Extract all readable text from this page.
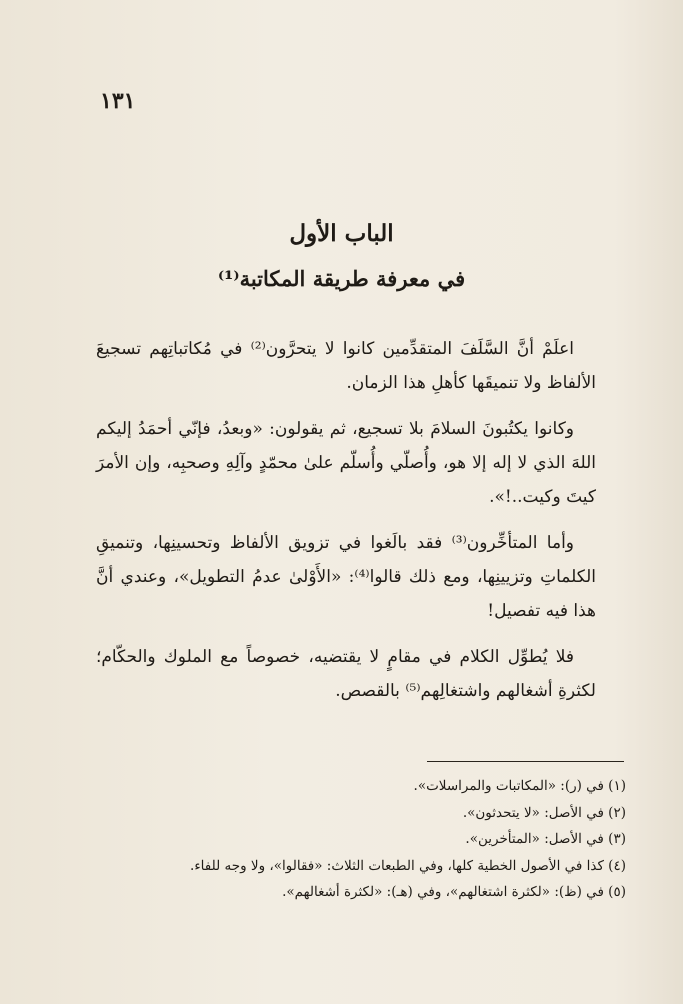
١٣١
الباب الأول
في معرفة طريقة المكاتبة⁽¹⁾

اعلَمْ أنَّ السَّلَفَ المتقدِّمين كانوا لا يتحرَّون⁽²⁾ في مُكاتباتِهم تسجيعَ الألفاظ ولا تنميقَها كأهلِ هذا الزمان.

وكانوا يكتُبونَ السلامَ بلا تسجيع، ثم يقولون: «وبعدُ، فإنّي أحمَدُ إليكم اللهَ الذي لا إله إلا هو، وأُصلّي وأُسلّم علىٰ محمّدٍ وآلِهِ وصحبِه، وإن الأمرَ كيتَ وكيت..!».

وأما المتأخِّرون⁽³⁾ فقد بالَغوا في تزويق الألفاظ وتحسينِها، وتنميقِ الكلماتِ وتزيينِها، ومع ذلك قالوا⁽⁴⁾: «الأَوْلىٰ عدمُ التطويل»، وعندي أنَّ هذا فيه تفصيل!

فلا يُطوِّل الكلام في مقامٍ لا يقتضيه، خصوصاً مع الملوك والحكّام؛ لكثرةِ أشغالهم واشتغالِهم⁽⁵⁾ بالقصص.

(١) في (ر): «المكاتبات والمراسلات».
(٢) في الأصل: «لا يتحدثون».
(٣) في الأصل: «المتأخرين».
(٤) كذا في الأصول الخطية كلها، وفي الطبعات الثلاث: «فقالوا»، ولا وجه للفاء.
(٥) في (ظ): «لكثرة اشتغالهم»، وفي (هـ): «لكثرة أشغالهم».
